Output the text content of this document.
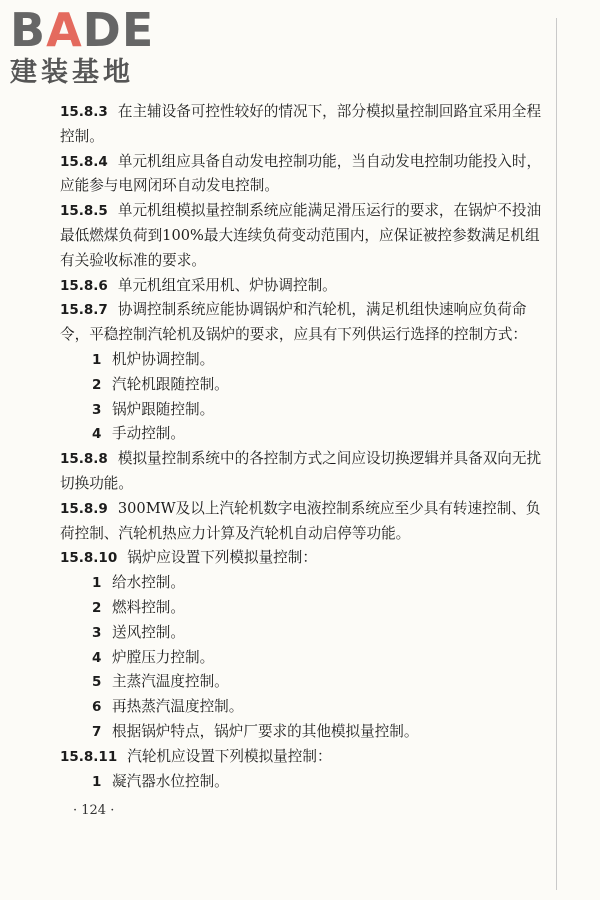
BADE
建装基地

15.8.3 在主辅设备可控性较好的情况下，部分模拟量控制回路宜采用全程控制。

15.8.4 单元机组应具备自动发电控制功能，当自动发电控制功能投入时，应能参与电网闭环自动发电控制。

15.8.5 单元机组模拟量控制系统应能满足滑压运行的要求，在锅炉不投油最低燃煤负荷到100%最大连续负荷变动范围内，应保证被控参数满足机组有关验收标准的要求。

15.8.6 单元机组宜采用机、炉协调控制。

15.8.7 协调控制系统应能协调锅炉和汽轮机，满足机组快速响应负荷命令，平稳控制汽轮机及锅炉的要求，应具有下列供运行选择的控制方式：

1 机炉协调控制。

2 汽轮机跟随控制。

3 锅炉跟随控制。

4 手动控制。

15.8.8 模拟量控制系统中的各控制方式之间应设切换逻辑并具备双向无扰切换功能。

15.8.9 300MW及以上汽轮机数字电液控制系统应至少具有转速控制、负荷控制、汽轮机热应力计算及汽轮机自动启停等功能。

15.8.10 锅炉应设置下列模拟量控制：

1 给水控制。

2 燃料控制。

3 送风控制。

4 炉膛压力控制。

5 主蒸汽温度控制。

6 再热蒸汽温度控制。

7 根据锅炉特点，锅炉厂要求的其他模拟量控制。

15.8.11 汽轮机应设置下列模拟量控制：

1 凝汽器水位控制。

· 124 ·
